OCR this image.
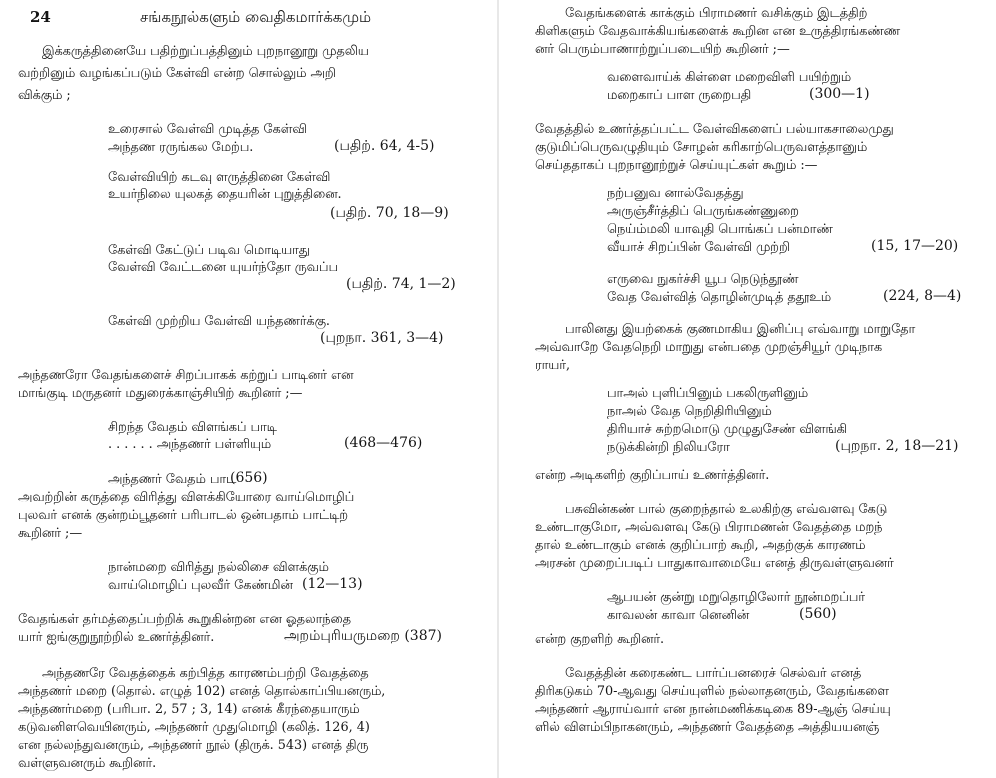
24	சங்கநூல்களும் வைதிகமார்க்கமும்
இக்கருத்தினையே பதிற்றுப்பத்தினும் புறநானூறு முதலிய
வற்றினும் வழங்கப்படும் கேள்வி என்ற சொல்லும் அறி
விக்கும் ;
உரைசால் வேள்வி முடித்த கேள்வி
அந்தண ரருங்கல மேற்ப.	(பதிற். 64, 4-5)
வேள்வியிற் கடவு ளருத்தினை கேள்வி
உயர்நிலை யுலகத் தையரின் புறுத்தினை.
(பதிற். 70, 18—9)
கேள்வி கேட்டுப் படிவ மொடியாது
வேள்வி வேட்டனை யுயர்ந்தோ ருவப்ப
(பதிற். 74, 1—2)
கேள்வி முற்றிய வேள்வி யந்தணர்க்கு.
(புறநா. 361, 3—4)
அந்தணரோ வேதங்களைச் சிறப்பாகக் கற்றுப் பாடினர் என
மாங்குடி மருதனர் மதுரைக்காஞ்சியிற் கூறினர் ;—
சிறந்த வேதம் விளங்கப் பாடி
. . . . . . அந்தணர் பள்ளியும்	(468—476)
அந்தணர் வேதம் பாட
(656)
அவற்றின் கருத்தை விரித்து விளக்கியோரை வாய்மொழிப்
புலவர் எனக் குன்றம்பூதனர் பரிபாடல் ஒன்பதாம் பாட்டிற்
கூறினர் ;—
நான்மறை விரித்து நல்லிசை விளக்கும்
வாய்மொழிப் புலவீர் கேண்மின் (12—13)
வேதங்கள் தர்மத்தைப்பற்றிக் கூறுகின்றன என ஓதலாந்தை
யார் ஐங்குறுநூற்றில் உணர்த்தினர்.	அறம்புரியருமறை (387)
அந்தணரே வேதத்தைக் கற்பித்த காரணம்பற்றி வேதத்தை
அந்தணர் மறை (தொல். எழுத் 102) எனத் தொல்காப்பியனரும்,
அந்தணர்மறை (பரிபா. 2, 57 ; 3, 14) எனக் கீரந்தையாரும்
கடுவனிளவெயினரும், அந்தணர் முதுமொழி (கலித். 126, 4)
என நல்லந்துவனரும், அந்தணர் நூல் (திருக். 543) எனத் திரு
வள்ளுவனரும் கூறினர்.
வேதங்களைக் காக்கும் பிராமணர் வசிக்கும் இடத்திற்
கிளிகளும் வேதவாக்கியங்களைக் கூறின என உருத்திரங்கண்ண
னர் பெரும்பாணாற்றுப்படையிற் கூறினர் ;—
வளைவாய்க் கிள்ளை மறைவிளி பயிற்றும்
மறைகாப் பாள ருறைபதி	(300—1)
வேதத்தில் உணர்த்தப்பட்ட வேள்விகளைப் பல்யாகசாலைமுது
குடுமிப்பெருவழுதியும் சோழன் கரிகாற்பெருவளத்தானும்
செய்ததாகப் புறநானூற்றுச் செய்யுட்கள் கூறும் :—
நற்பனுவ னால்வேதத்து
அருஞ்சீர்த்திப் பெருங்கண்ணுறை
நெய்ம்மலி யாவுதி பொங்கப் பன்மாண்
வீயாச் சிறப்பின் வேள்வி முற்றி	(15, 17—20)
எருவை நுகர்ச்சி யூப நெடுந்தூண்
வேத வேள்வித் தொழின்முடித் ததூஉம்	(224, 8—4)
பாலினது இயற்கைக் குணமாகிய இனிப்பு எவ்வாறு மாறுதோ
அவ்வாறே வேதநெறி மாறுது என்பதை முறஞ்சியூர் முடிநாக
ராயர்,
பாஅல் புளிப்பினும் பகலிருளினும்
நாஅல் வேத நெறிதிரியினும்
திரியாச் சுற்றமொடு முழுதுசேண் விளங்கி
நடுக்கின்றி நிலியரோ	(புறநா. 2, 18—21)
என்ற அடிகளிற் குறிப்பாய் உணர்த்தினர்.
பசுவின்கண் பால் குறைந்தால் உலகிற்கு எவ்வளவு கேடு
உண்டாகுமோ, அவ்வளவு கேடு பிராமணன் வேதத்தை மறந்
தால் உண்டாகும் எனக் குறிப்பாற் கூறி, அதற்குக் காரணம்
அரசன் முறைப்படிப் பாதுகாவாமையே எனத் திருவள்ளுவனர்
ஆபயன் குன்று மறுதொழிலோர் நூன்மறப்பர்
காவலன் காவா னெனின்	(560)
என்ற குறளிற் கூறினர்.
வேதத்தின் கரைகண்ட பார்ப்பனரைச் செல்வர் எனத்
திரிகடுகம் 70-ஆவது செய்யுளில் நல்லாதனரும், வேதங்களை
அந்தணர் ஆராய்வார் என நான்மணிக்கடிகை 89-ஆஞ் செய்யு
ளில் விளம்பிநாகனரும், அந்தணர் வேதத்தை அத்தியயனஞ்
